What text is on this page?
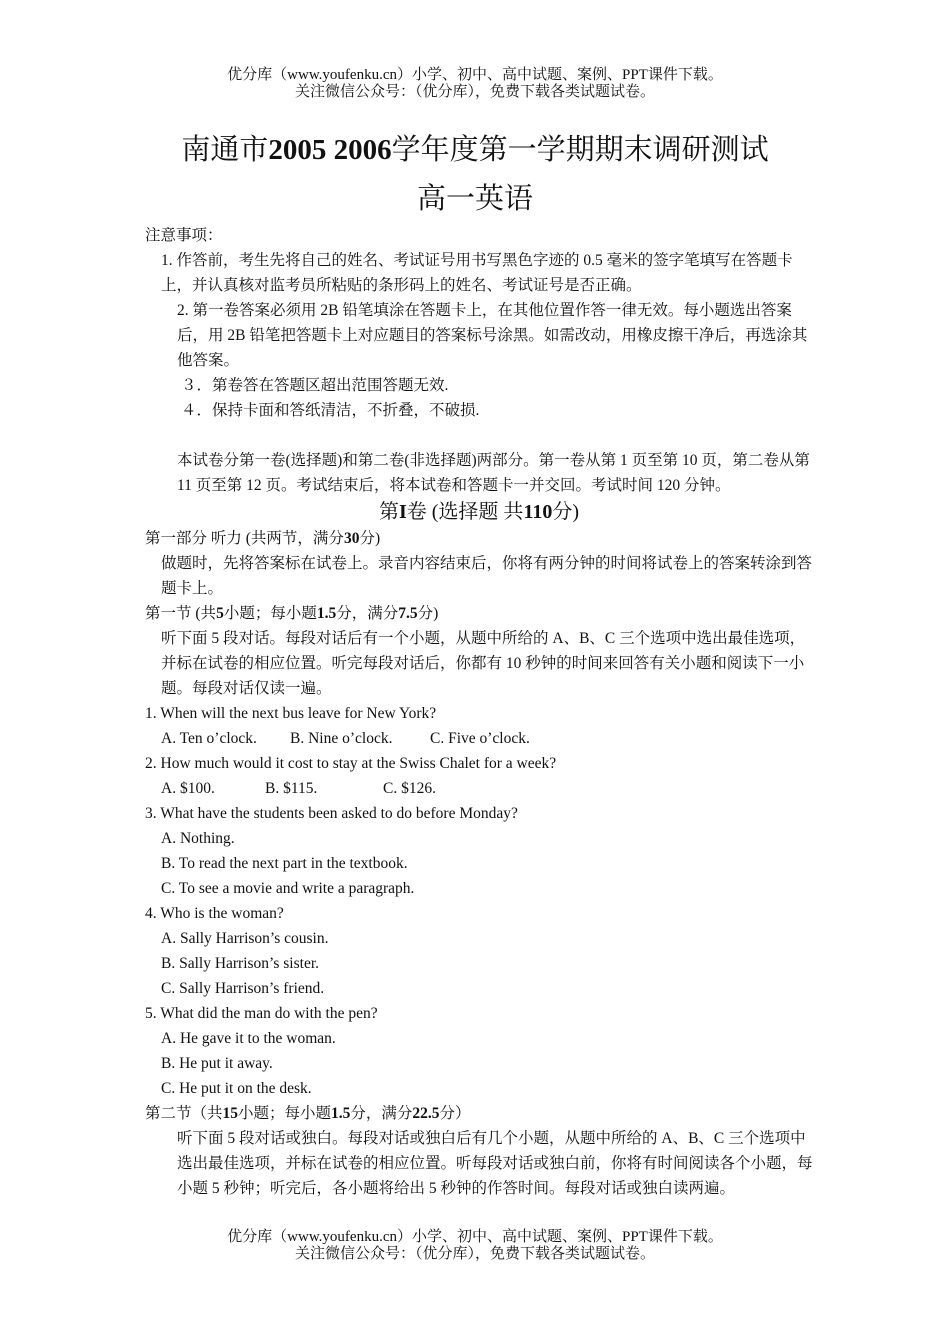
优分库（www.youfenku.cn）小学、初中、高中试题、案例、PPT课件下载。
关注微信公众号：（优分库），免费下载各类试题试卷。
南通市2005 2006学年度第一学期期末调研测试
高一英语

注意事项：

1. 作答前，考生先将自己的姓名、考试证号用书写黑色字迹的 0.5 毫米的签字笔填写在答题卡上，并认真核对监考员所粘贴的条形码上的姓名、考试证号是否正确。

2. 第一卷答案必须用 2B 铅笔填涂在答题卡上，在其他位置作答一律无效。每小题选出答案后，用 2B 铅笔把答题卡上对应题目的答案标号涂黑。如需改动，用橡皮擦干净后，再选涂其他答案。

３．第卷答在答题区超出范围答题无效.

４．保持卡面和答纸清洁，不折叠，不破损.

本试卷分第一卷(选择题)和第二卷(非选择题)两部分。第一卷从第 1 页至第 10 页，第二卷从第 11 页至第 12 页。考试结束后，将本试卷和答题卡一并交回。考试时间 120 分钟。

第I卷 (选择题 共110分)

第一部分 听力 (共两节，满分30分)

做题时，先将答案标在试卷上。录音内容结束后，你将有两分钟的时间将试卷上的答案转涂到答题卡上。

第一节 (共5小题；每小题1.5分，满分7.5分)

听下面 5 段对话。每段对话后有一个小题，从题中所给的 A、B、C 三个选项中选出最佳选项，并标在试卷的相应位置。听完每段对话后，你都有 10 秒钟的时间来回答有关小题和阅读下一小题。每段对话仅读一遍。

1. When will the next bus leave for New York?

A. Ten o’clock. B. Nine o’clock. C. Five o’clock.

2. How much would it cost to stay at the Swiss Chalet for a week?

A. $100.	B. $115.	C. $126.

3. What have the students been asked to do before Monday?

A. Nothing.

B. To read the next part in the textbook.

C. To see a movie and write a paragraph.

4. Who is the woman?

A. Sally Harrison’s cousin.

B. Sally Harrison’s sister.

C. Sally Harrison’s friend.

5. What did the man do with the pen?

A. He gave it to the woman.

B. He put it away.

C. He put it on the desk.

第二节（共15小题；每小题1.5分，满分22.5分）

听下面 5 段对话或独白。每段对话或独白后有几个小题，从题中所给的 A、B、C 三个选项中选出最佳选项，并标在试卷的相应位置。听每段对话或独白前，你将有时间阅读各个小题，每小题 5 秒钟；听完后，各小题将给出 5 秒钟的作答时间。每段对话或独白读两遍。

优分库（www.youfenku.cn）小学、初中、高中试题、案例、PPT课件下载。
关注微信公众号：（优分库），免费下载各类试题试卷。
